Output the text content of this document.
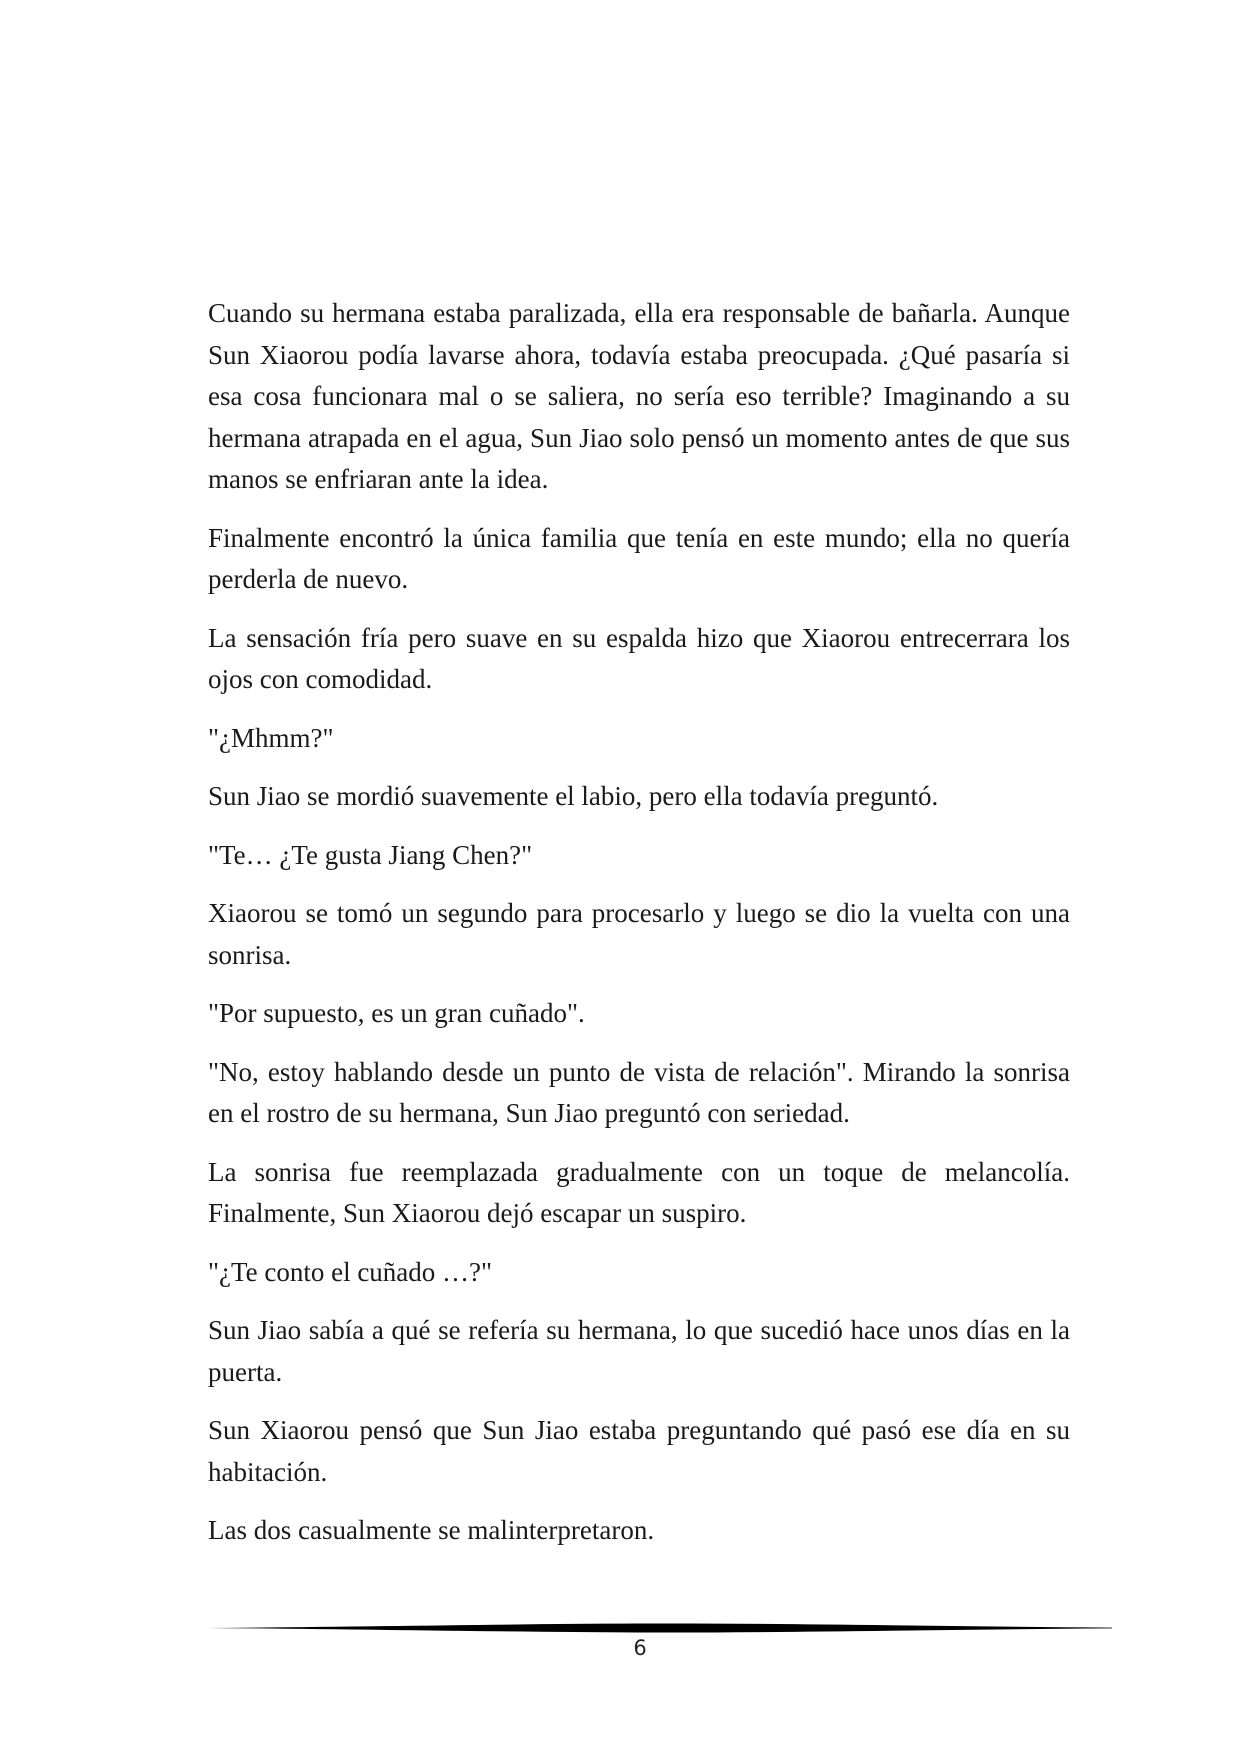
Cuando su hermana estaba paralizada, ella era responsable de bañarla. Aunque Sun Xiaorou podía lavarse ahora, todavía estaba preocupada. ¿Qué pasaría si esa cosa funcionara mal o se saliera, no sería eso terrible? Imaginando a su hermana atrapada en el agua, Sun Jiao solo pensó un momento antes de que sus manos se enfriaran ante la idea.

Finalmente encontró la única familia que tenía en este mundo; ella no quería perderla de nuevo.

La sensación fría pero suave en su espalda hizo que Xiaorou entrecerrara los ojos con comodidad.

"¿Mhmm?"

Sun Jiao se mordió suavemente el labio, pero ella todavía preguntó.

"Te… ¿Te gusta Jiang Chen?"

Xiaorou se tomó un segundo para procesarlo y luego se dio la vuelta con una sonrisa.

"Por supuesto, es un gran cuñado".

"No, estoy hablando desde un punto de vista de relación". Mirando la sonrisa en el rostro de su hermana, Sun Jiao preguntó con seriedad.

La sonrisa fue reemplazada gradualmente con un toque de melancolía. Finalmente, Sun Xiaorou dejó escapar un suspiro.

"¿Te conto el cuñado …?"

Sun Jiao sabía a qué se refería su hermana, lo que sucedió hace unos días en la puerta.

Sun Xiaorou pensó que Sun Jiao estaba preguntando qué pasó ese día en su habitación.

Las dos casualmente se malinterpretaron.

6
